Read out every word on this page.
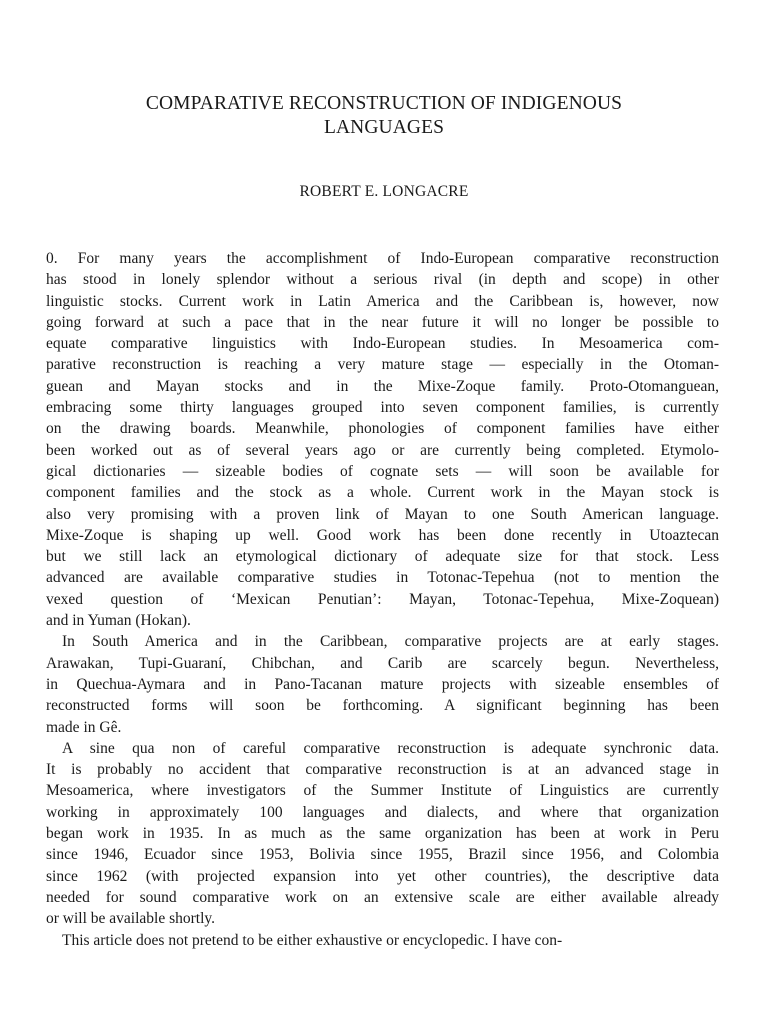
COMPARATIVE RECONSTRUCTION OF INDIGENOUS
LANGUAGES
ROBERT E. LONGACRE
0. For many years the accomplishment of Indo-European comparative reconstruction
has stood in lonely splendor without a serious rival (in depth and scope) in other
linguistic stocks. Current work in Latin America and the Caribbean is, however, now
going forward at such a pace that in the near future it will no longer be possible to
equate comparative linguistics with Indo-European studies. In Mesoamerica com-
parative reconstruction is reaching a very mature stage — especially in the Otoman-
guean and Mayan stocks and in the Mixe-Zoque family. Proto-Otomanguean,
embracing some thirty languages grouped into seven component families, is currently
on the drawing boards. Meanwhile, phonologies of component families have either
been worked out as of several years ago or are currently being completed. Etymolo-
gical dictionaries — sizeable bodies of cognate sets — will soon be available for
component families and the stock as a whole. Current work in the Mayan stock is
also very promising with a proven link of Mayan to one South American language.
Mixe-Zoque is shaping up well. Good work has been done recently in Utoaztecan
but we still lack an etymological dictionary of adequate size for that stock. Less
advanced are available comparative studies in Totonac-Tepehua (not to mention the
vexed question of ‘Mexican Penutian’: Mayan, Totonac-Tepehua, Mixe-Zoquean)
and in Yuman (Hokan).
In South America and in the Caribbean, comparative projects are at early stages.
Arawakan, Tupi-Guaraní, Chibchan, and Carib are scarcely begun. Nevertheless,
in Quechua-Aymara and in Pano-Tacanan mature projects with sizeable ensembles of
reconstructed forms will soon be forthcoming. A significant beginning has been
made in Gê.
A sine qua non of careful comparative reconstruction is adequate synchronic data.
It is probably no accident that comparative reconstruction is at an advanced stage in
Mesoamerica, where investigators of the Summer Institute of Linguistics are currently
working in approximately 100 languages and dialects, and where that organization
began work in 1935. In as much as the same organization has been at work in Peru
since 1946, Ecuador since 1953, Bolivia since 1955, Brazil since 1956, and Colombia
since 1962 (with projected expansion into yet other countries), the descriptive data
needed for sound comparative work on an extensive scale are either available already
or will be available shortly.
This article does not pretend to be either exhaustive or encyclopedic. I have con-
